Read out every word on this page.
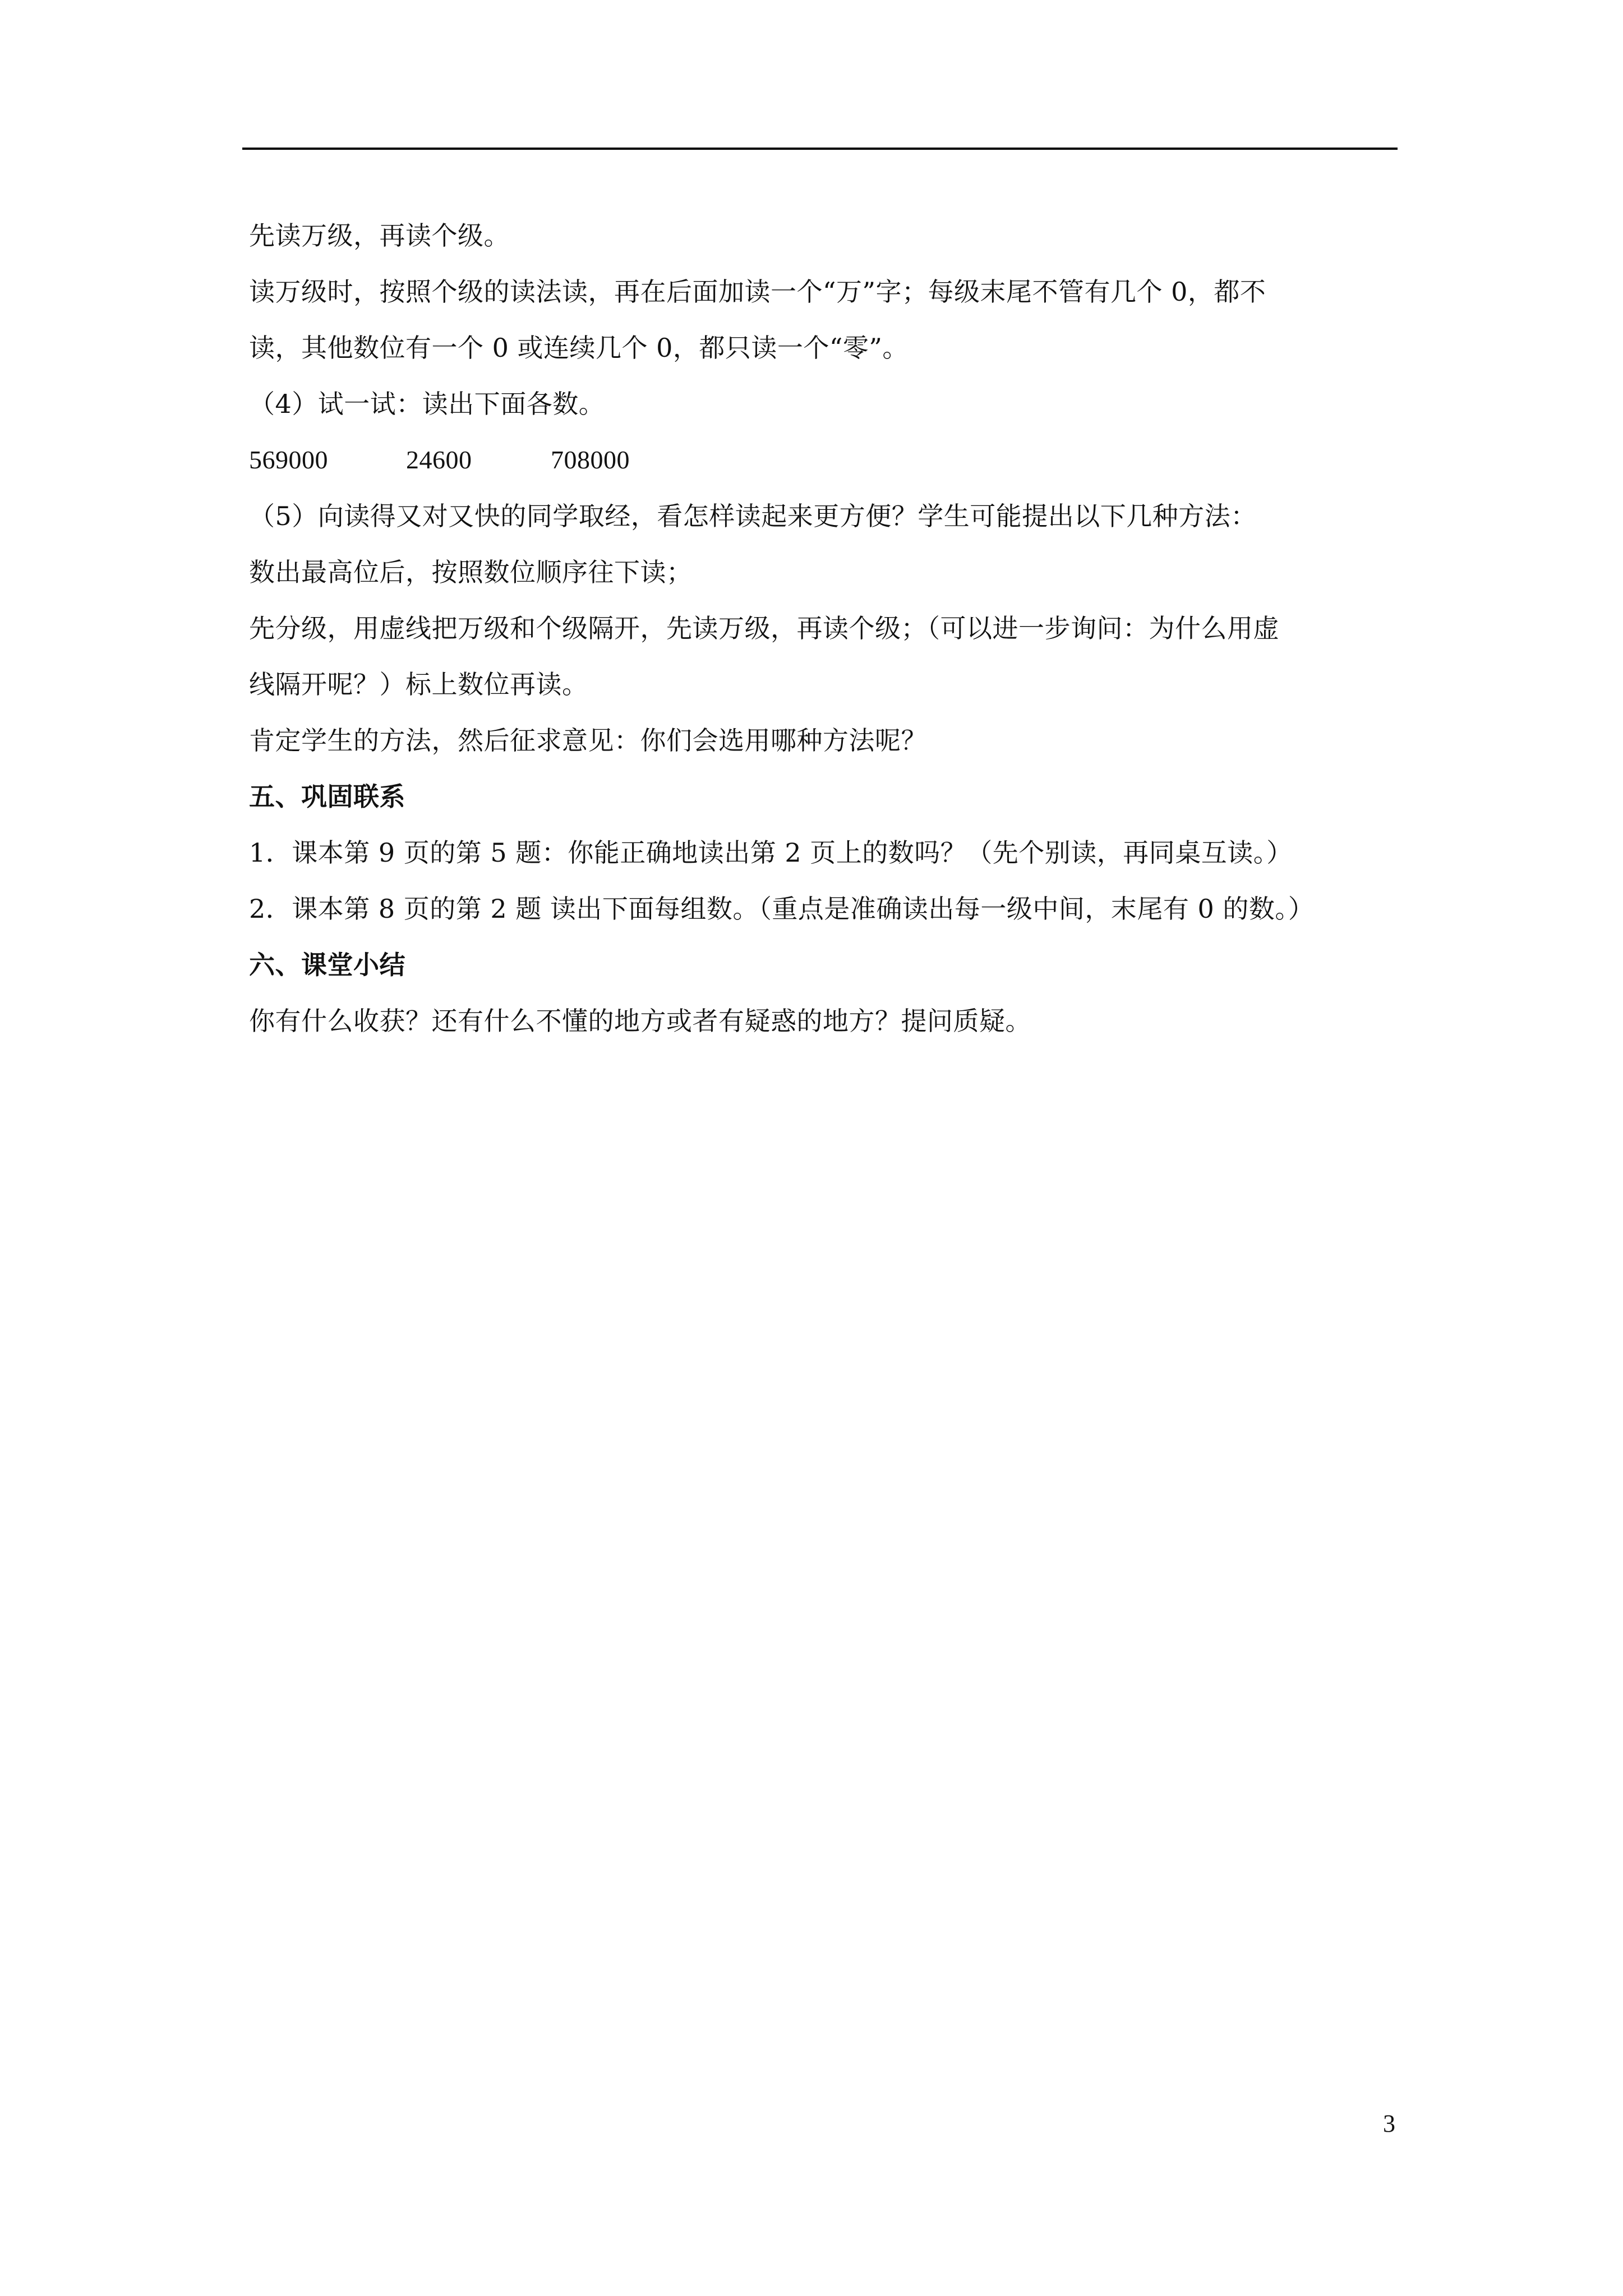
先读万级，再读个级。
读万级时，按照个级的读法读，再在后面加读一个“万”字；每级末尾不管有几个 0，都不
读，其他数位有一个 0 或连续几个 0，都只读一个“零”。
（4）试一试：读出下面各数。
569000	24600	708000
（5）向读得又对又快的同学取经，看怎样读起来更方便？学生可能提出以下几种方法：
数出最高位后，按照数位顺序往下读；
先分级，用虚线把万级和个级隔开，先读万级，再读个级；（可以进一步询问：为什么用虚
线隔开呢？）标上数位再读。
肯定学生的方法，然后征求意见：你们会选用哪种方法呢？
五、巩固联系
1．课本第 9 页的第 5 题：你能正确地读出第 2 页上的数吗？（先个别读，再同桌互读。）
2．课本第 8 页的第 2 题 读出下面每组数。（重点是准确读出每一级中间，末尾有 0 的数。）
六、课堂小结
你有什么收获？还有什么不懂的地方或者有疑惑的地方？提问质疑。
3
